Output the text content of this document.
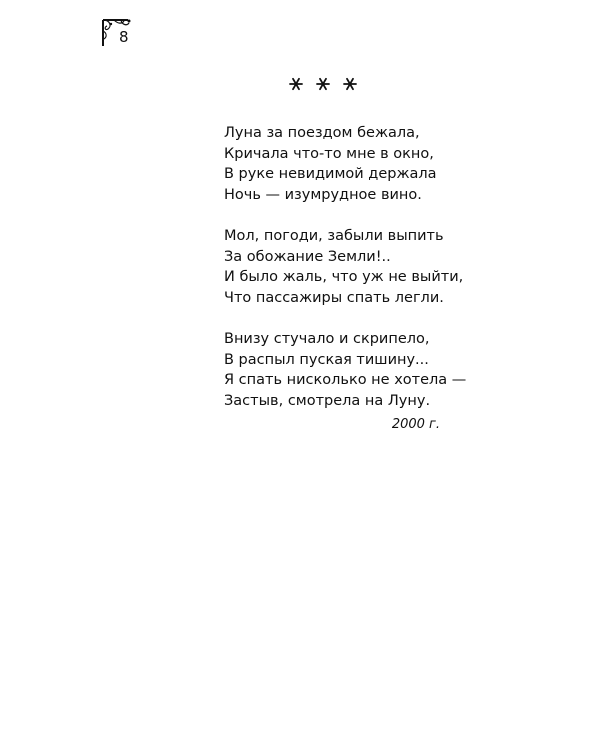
8
Луна за поездом бежала,
Кричала что-то мне в окно,
В руке невидимой держала
Ночь — изумрудное вино.
Мол, погоди, забыли выпить
За обожание Земли!..
И было жаль, что уж не выйти,
Что пассажиры спать легли.
Внизу стучало и скрипело,
В распыл пуская тишину...
Я спать нисколько не хотела —
Застыв, смотрела на Луну.
2000 г.
